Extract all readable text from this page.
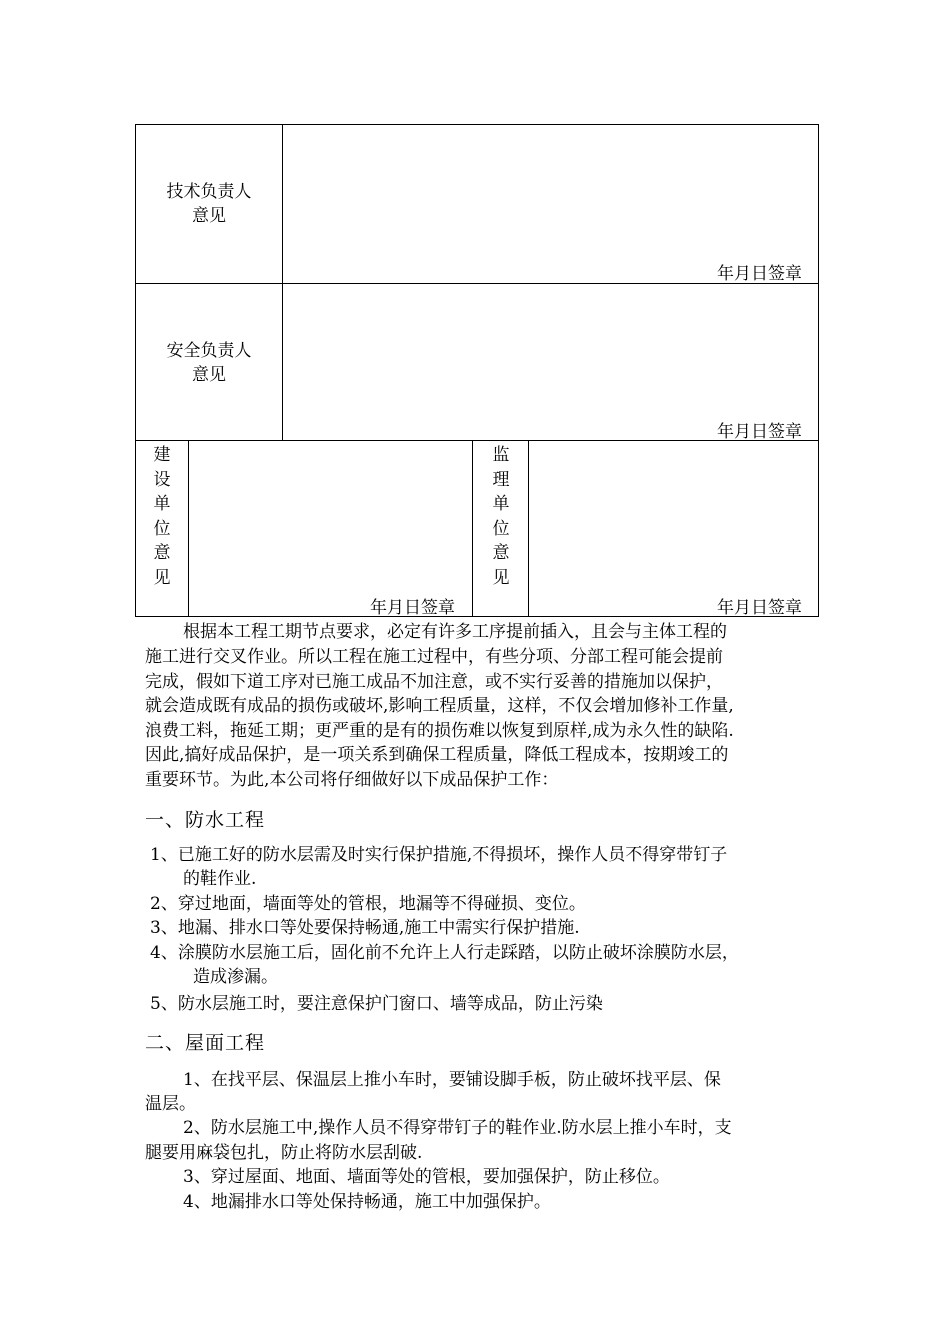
技术负责人
意见
年月日签章
安全负责人
意见
年月日签章
建
设
单
位
意
见
年月日签章
监
理
单
位
意
见
年月日签章
根据本工程工期节点要求，必定有许多工序提前插入，且会与主体工程的
施工进行交叉作业。所以工程在施工过程中，有些分项、分部工程可能会提前
完成，假如下道工序对已施工成品不加注意，或不实行妥善的措施加以保护，
就会造成既有成品的损伤或破坏,影响工程质量，这样，不仅会增加修补工作量,
浪费工料，拖延工期；更严重的是有的损伤难以恢复到原样,成为永久性的缺陷.
因此,搞好成品保护，是一项关系到确保工程质量，降低工程成本，按期竣工的
重要环节。为此,本公司将仔细做好以下成品保护工作：
一、防水工程
1、已施工好的防水层需及时实行保护措施,不得损坏，操作人员不得穿带钉子
的鞋作业.
2、穿过地面，墙面等处的管根，地漏等不得碰损、变位。
3、地漏、排水口等处要保持畅通,施工中需实行保护措施.
4、涂膜防水层施工后，固化前不允许上人行走踩踏，以防止破坏涂膜防水层，
造成渗漏。
5、防水层施工时，要注意保护门窗口、墙等成品，防止污染
二、屋面工程
1、在找平层、保温层上推小车时，要铺设脚手板，防止破坏找平层、保
温层。
2、防水层施工中,操作人员不得穿带钉子的鞋作业.防水层上推小车时，支
腿要用麻袋包扎，防止将防水层刮破.
3、穿过屋面、地面、墙面等处的管根，要加强保护，防止移位。
4、地漏排水口等处保持畅通，施工中加强保护。
